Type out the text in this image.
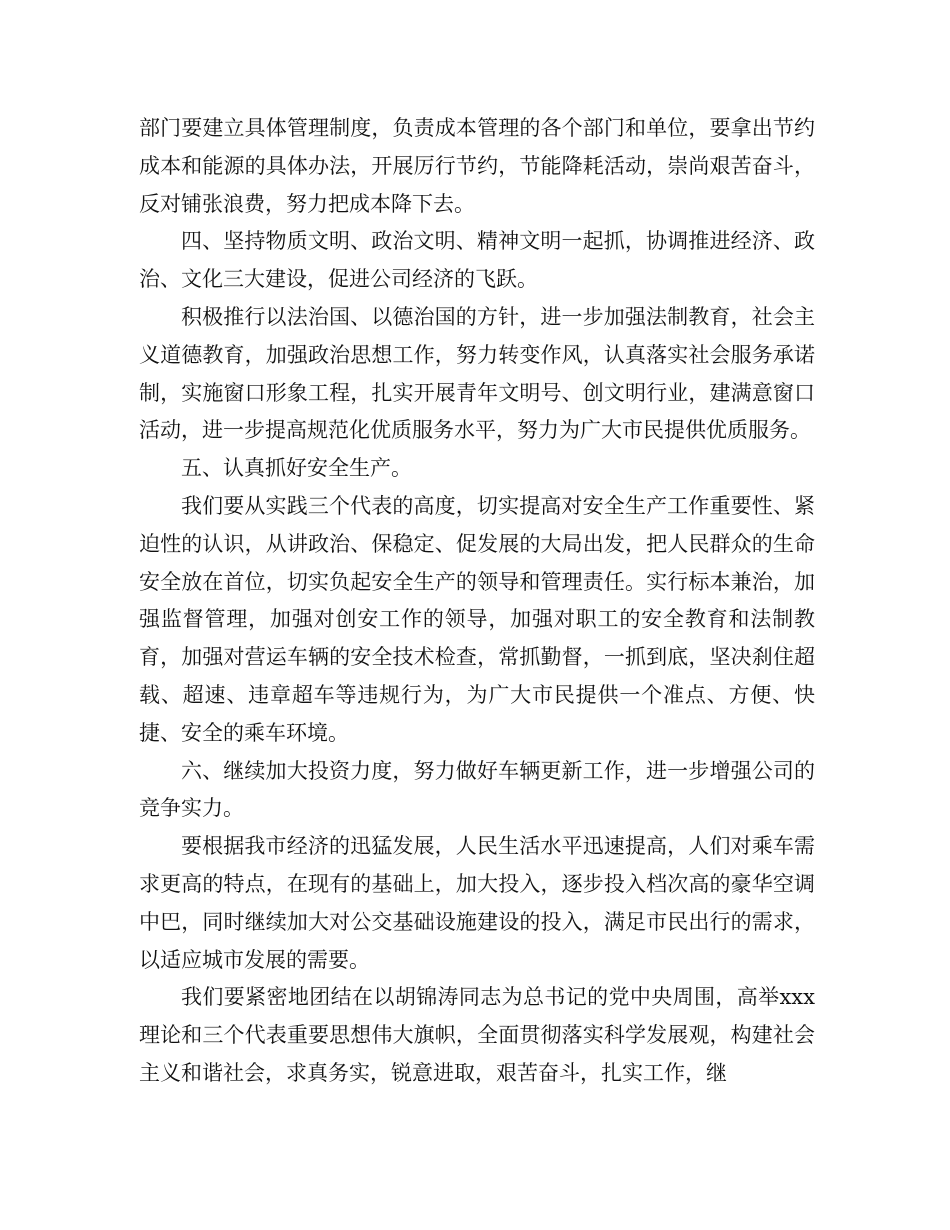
部门要建立具体管理制度，负责成本管理的各个部门和单位，要拿出节约成本和能源的具体办法，开展厉行节约，节能降耗活动，崇尚艰苦奋斗，反对铺张浪费，努力把成本降下去。

四、坚持物质文明、政治文明、精神文明一起抓，协调推进经济、政治、文化三大建设，促进公司经济的飞跃。

积极推行以法治国、以德治国的方针，进一步加强法制教育，社会主义道德教育，加强政治思想工作，努力转变作风，认真落实社会服务承诺制，实施窗口形象工程，扎实开展青年文明号、创文明行业，建满意窗口活动，进一步提高规范化优质服务水平，努力为广大市民提供优质服务。

五、认真抓好安全生产。

我们要从实践三个代表的高度，切实提高对安全生产工作重要性、紧迫性的认识，从讲政治、保稳定、促发展的大局出发，把人民群众的生命安全放在首位，切实负起安全生产的领导和管理责任。实行标本兼治，加强监督管理，加强对创安工作的领导，加强对职工的安全教育和法制教育，加强对营运车辆的安全技术检查，常抓勤督，一抓到底，坚决刹住超载、超速、违章超车等违规行为，为广大市民提供一个准点、方便、快捷、安全的乘车环境。

六、继续加大投资力度，努力做好车辆更新工作，进一步增强公司的竞争实力。

要根据我市经济的迅猛发展，人民生活水平迅速提高，人们对乘车需求更高的特点，在现有的基础上，加大投入，逐步投入档次高的豪华空调中巴，同时继续加大对公交基础设施建设的投入，满足市民出行的需求，以适应城市发展的需要。

我们要紧密地团结在以胡锦涛同志为总书记的党中央周围，高举xxx理论和三个代表重要思想伟大旗帜，全面贯彻落实科学发展观，构建社会主义和谐社会，求真务实，锐意进取，艰苦奋斗，扎实工作，继
